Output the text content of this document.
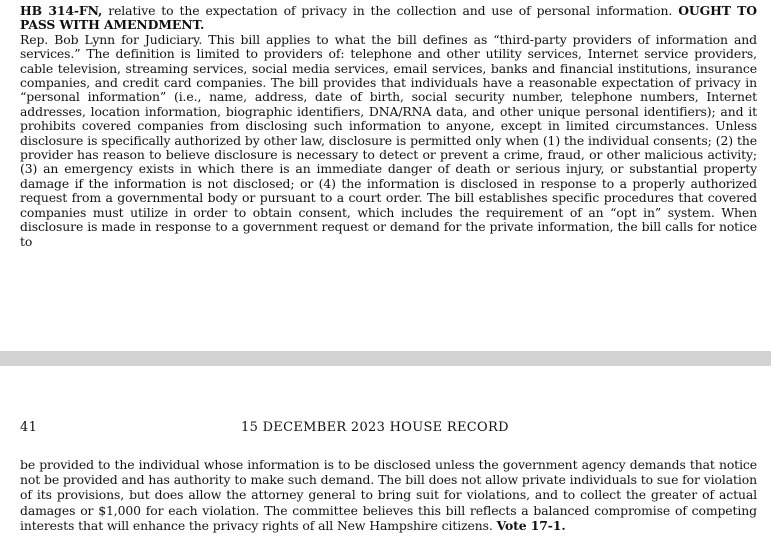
HB 314-FN, relative to the expectation of privacy in the collection and use of personal information. OUGHT TO PASS WITH AMENDMENT.

Rep. Bob Lynn for Judiciary. This bill applies to what the bill defines as “third-party providers of information and services.” The definition is limited to providers of: telephone and other utility services, Internet service providers, cable television, streaming services, social media services, email services, banks and financial institutions, insurance companies, and credit card companies. The bill provides that individuals have a reasonable expectation of privacy in “personal information” (i.e., name, address, date of birth, social security number, telephone numbers, Internet addresses, location information, biographic identifiers, DNA/RNA data, and other unique personal identifiers); and it prohibits covered companies from disclosing such information to anyone, except in limited circumstances. Unless disclosure is specifically authorized by other law, disclosure is permitted only when (1) the individual consents; (2) the provider has reason to believe disclosure is necessary to detect or prevent a crime, fraud, or other malicious activity; (3) an emergency exists in which there is an immediate danger of death or serious injury, or substantial property damage if the information is not disclosed; or (4) the information is disclosed in response to a properly authorized request from a governmental body or pursuant to a court order. The bill establishes specific procedures that covered companies must utilize in order to obtain consent, which includes the requirement of an “opt in” system. When disclosure is made in response to a government request or demand for the private information, the bill calls for notice to

41	15 DECEMBER 2023 HOUSE RECORD

be provided to the individual whose information is to be disclosed unless the government agency demands that notice not be provided and has authority to make such demand. The bill does not allow private individuals to sue for violation of its provisions, but does allow the attorney general to bring suit for violations, and to collect the greater of actual damages or $1,000 for each violation. The committee believes this bill reflects a balanced compromise of competing interests that will enhance the privacy rights of all New Hampshire citizens. Vote 17-1.
